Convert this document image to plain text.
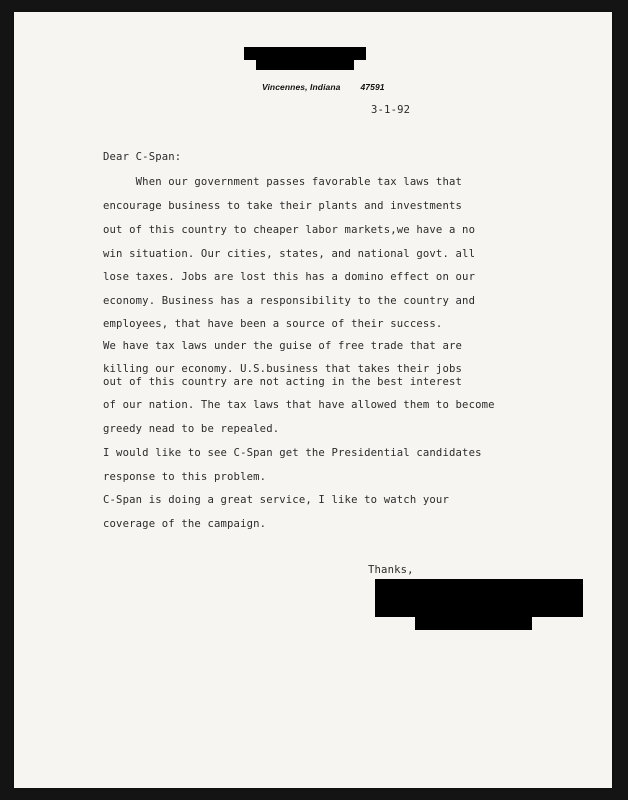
Vincennes, Indiana 47591
3-1-92
Dear C-Span:
When our government passes favorable tax laws that
encourage business to take their plants and investments
out of this country to cheaper labor markets,we have a no
win situation. Our cities, states, and national govt. all
lose taxes. Jobs are lost this has a domino effect on our
economy. Business has a responsibility to the country and
employees, that have been a source of their success.
We have tax laws under the guise of free trade that are
killing our economy. U.S.business that takes their jobs
out of this country are not acting in the best interest
of our nation. The tax laws that have allowed them to become
greedy nead to be repealed.
I would like to see C-Span get the Presidential candidates
response to this problem.
C-Span is doing a great service, I like to watch your
coverage of the campaign.
Thanks,
